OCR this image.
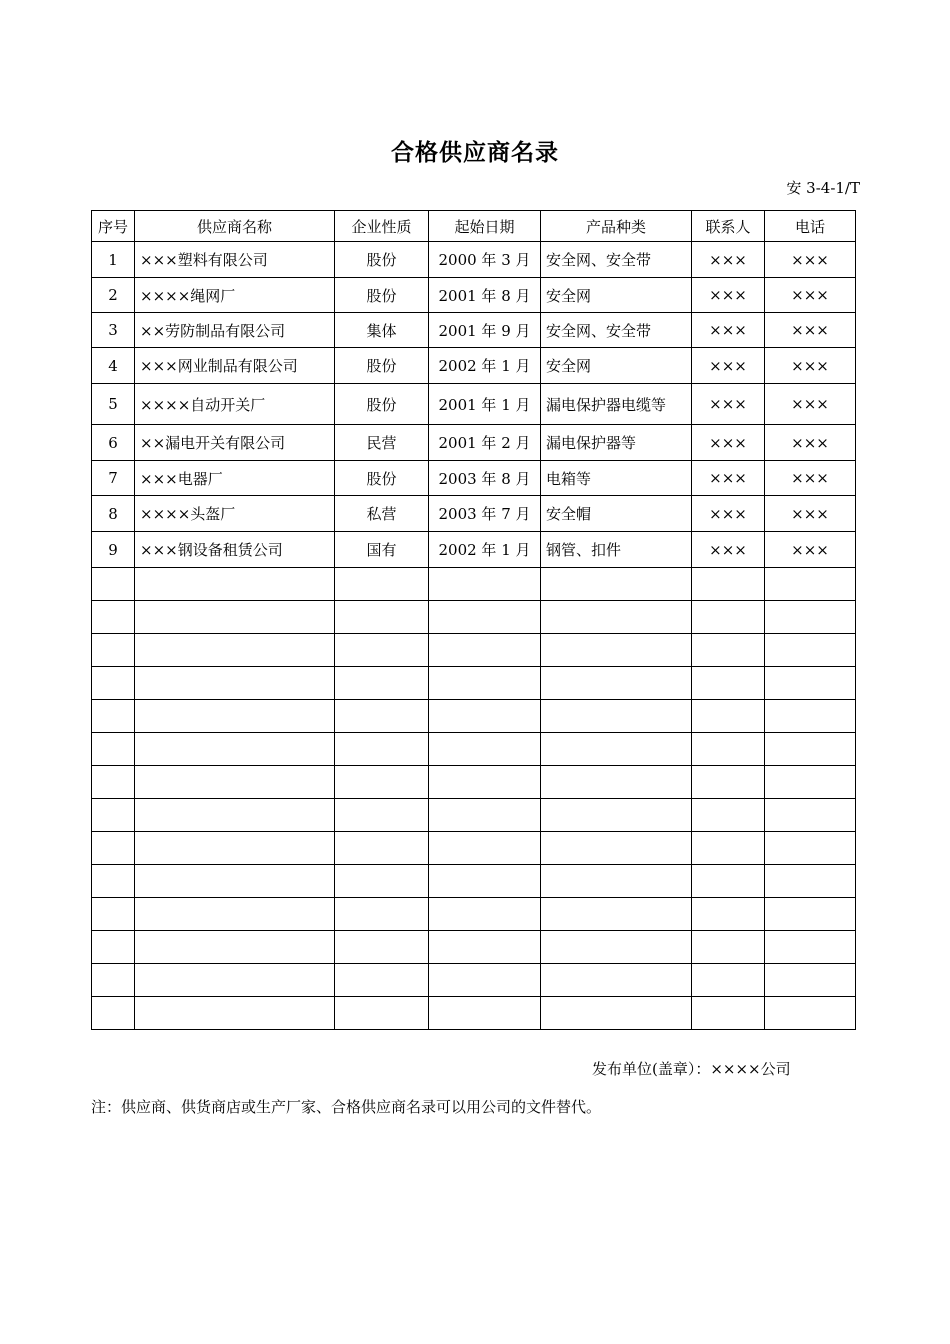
合格供应商名录
安 3-4-1/T
序号	供应商名称	企业性质	起始日期	产品种类	联系人	电话
1	×××塑料有限公司	股份	2000 年 3 月	安全网、安全带	×××	×××
2	××××绳网厂	股份	2001 年 8 月	安全网	×××	×××
3	××劳防制品有限公司	集体	2001 年 9 月	安全网、安全带	×××	×××
4	×××网业制品有限公司	股份	2002 年 1 月	安全网	×××	×××
5	××××自动开关厂	股份	2001 年 1 月	漏电保护器电缆等	×××	×××
6	××漏电开关有限公司	民营	2001 年 2 月	漏电保护器等	×××	×××
7	×××电器厂	股份	2003 年 8 月	电箱等	×××	×××
8	××××头盔厂	私营	2003 年 7 月	安全帽	×××	×××
9	×××钢设备租赁公司	国有	2002 年 1 月	钢管、扣件	×××	×××

发布单位(盖章）：××××公司
注：供应商、供货商店或生产厂家、合格供应商名录可以用公司的文件替代。
